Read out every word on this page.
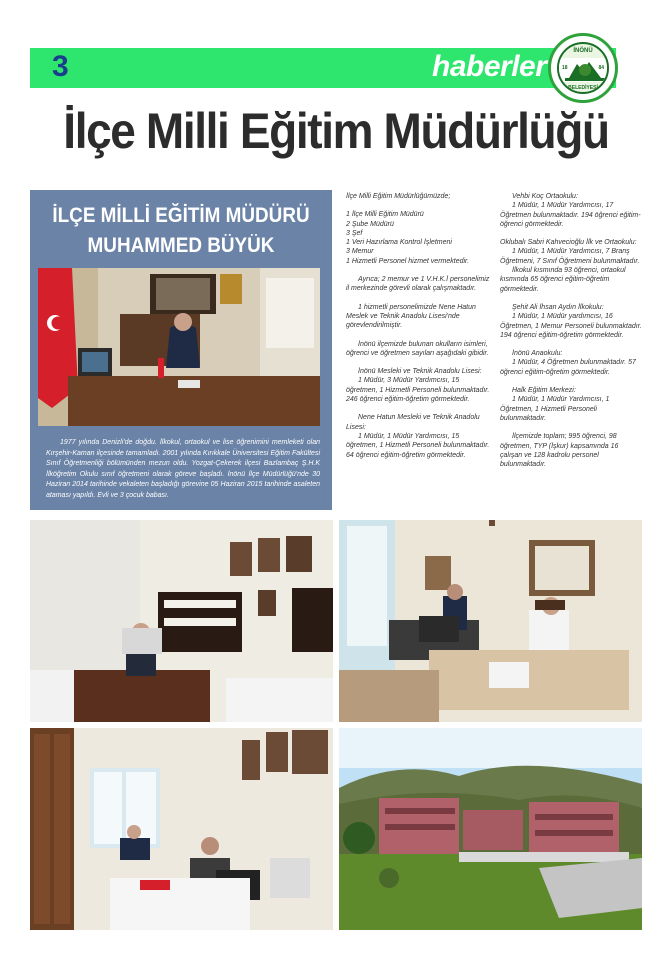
3	haberler	İNÖNÜ
18	84
BELEDİYESİ
İlçe Milli Eğitim Müdürlüğü
İLÇE MİLLİ EĞİTİM MÜDÜRÜ
MUHAMMED BÜYÜK
1977 yılında Denizli'de doğdu. İlkokul, ortaokul ve lise öğrenimini memleketi olan Kırşehir-Kaman ilçesinde tamamladı. 2001 yılında Kırıkkale Üniversitesi Eğitim Fakültesi Sınıf Öğretmenliği bölümünden mezun oldu. Yozgat-Çekerek ilçesi Bazlambaç Ş.H.K İlköğretim Okulu sınıf öğretmeni olarak göreve başladı. İnönü İlçe Müdürlüğü'nde 30 Haziran 2014 tarihinde vekaleten başladığı görevine 05 Haziran 2015 tarihinde asaleten ataması yapıldı. Evli ve 3 çocuk babası.

İlçe Milli Eğitim Müdürlüğümüzde;

1 İlçe Milli Eğitim Müdürü
2 Şube Müdürü
3 Şef
1 Veri Hazırlama Kontrol İşletmeni
3 Memur
1 Hizmetli Personel hizmet vermektedir.

Ayrıca; 2 memur ve 1 V.H.K.İ personelimiz il merkezinde görevli olarak çalışmaktadır.

1 hizmetli personelimizde Nene Hatun Meslek ve Teknik Anadolu Lisesi'nde görevlendirilmiştir.

İnönü ilçemizde bulunan okulların isimleri, öğrenci ve öğretmen sayıları aşağıdaki gibidir.

İnönü Mesleki ve Teknik Anadolu Lisesi:
1 Müdür, 3 Müdür Yardımcısı, 15 öğretmen, 1 Hizmetli Personeli bulunmaktadır. 246 öğrenci eğitim-öğretim görmektedir.
Nene Hatun Mesleki ve Teknik Anadolu Lisesi:
1 Müdür, 1 Müdür Yardımcısı, 15 öğretmen, 1 Hizmetli Personeli bulunmaktadır. 64 öğrenci eğitim-öğretim görmektedir.
Vehbi Koç Ortaokulu:
1 Müdür, 1 Müdür Yardımcısı, 17 Öğretmen bulunmaktadır. 194 öğrenci eğitim-öğrenci görmektedir.
Oklubalı Sabri Kahvecioğlu İlk ve Ortaokulu:
1 Müdür, 1 Müdür Yardımcısı, 7 Branş Öğretmeni, 7 Sınıf Öğretmeni bulunmaktadır.
İlkokul kısmında 93 öğrenci, ortaokul kısmında 65 öğrenci eğitim-öğretim görmektedir.
Şehit Ali İhsan Aydın İlkokulu:
1 Müdür, 1 Müdür yardımcısı, 16 Öğretmen, 1 Memur Personeli bulunmaktadır. 194 öğrenci eğitim-öğretim görmektedir.
İnönü Anaokulu:
1 Müdür, 4 Öğretmen bulunmaktadır. 57 öğrenci eğitim-öğretim görmektedir.
Halk Eğitim Merkezi:
1 Müdür, 1 Müdür Yardımcısı, 1 Öğretmen, 1 Hizmetli Personeli bulunmaktadır.

İlçemizde toplam; 995 öğrenci, 98 öğretmen, TYP (İşkur) kapsamında 16 çalışan ve 128 kadrolu personel bulunmaktadır.
